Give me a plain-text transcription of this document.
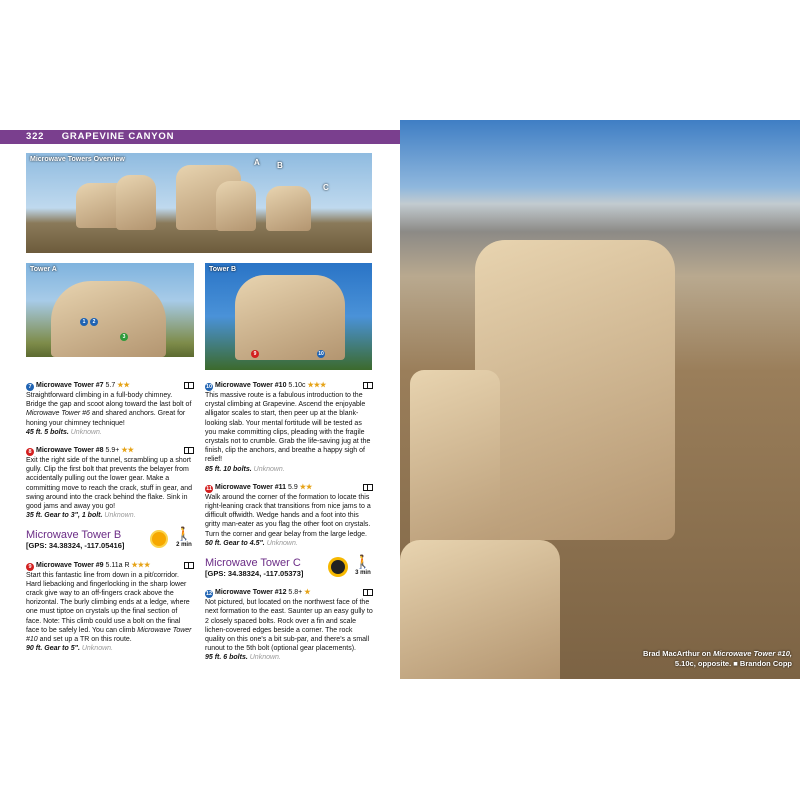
322 GRAPEVINE CANYON
Microwave Towers Overview	A B
C
Tower A
1	2
3
Tower B
9	10
Brad MacArthur on Microwave Tower #10,
5.10c, opposite. ■ Brandon Copp
7 Microwave Tower #7 5.7 ★★
Straightforward climbing in a full-body chimney. Bridge the gap and scoot along toward the last bolt of Microwave Tower #6 and shared anchors. Great for honing your chimney technique!
45 ft. 5 bolts. Unknown.
8 Microwave Tower #8 5.9+ ★★
Exit the right side of the tunnel, scrambling up a short gully. Clip the first bolt that prevents the belayer from accidentally pulling out the lower gear. Make a committing move to reach the crack, stuff in gear, and swing around into the crack behind the flake. Sink in good jams and away you go!
35 ft. Gear to 3", 1 bolt. Unknown.
Microwave Tower B
[GPS: 34.38324, -117.05416]
🚶
2 min
9 Microwave Tower #9 5.11a R ★★★
Start this fantastic line from down in a pit/corridor. Hard liebacking and fingerlocking in the sharp lower crack give way to an off-fingers crack above the horizontal. The burly climbing ends at a ledge, where one must tiptoe on crystals up the final section of face. Note: This climb could use a bolt on the final face to be safely led. You can climb Microwave Tower #10 and set up a TR on this route.
90 ft. Gear to 5". Unknown.
10 Microwave Tower #10 5.10c ★★★
This massive route is a fabulous introduction to the crystal climbing at Grapevine. Ascend the enjoyable alligator scales to start, then peer up at the blank-looking slab. Your mental fortitude will be tested as you make committing clips, pleading with the fragile crystals not to crumble. Grab the life-saving jug at the finish, clip the anchors, and breathe a happy sigh of relief!
85 ft. 10 bolts. Unknown.
11 Microwave Tower #11 5.9 ★★
Walk around the corner of the formation to locate this right-leaning crack that transitions from nice jams to a difficult offwidth. Wedge hands and a foot into this gritty man-eater as you flag the other foot on crystals. Turn the corner and gear belay from the large ledge.
50 ft. Gear to 4.5". Unknown.
Microwave Tower C
[GPS: 34.38324, -117.05373]
🚶
3 min
12 Microwave Tower #12 5.8+ ★
Not pictured, but located on the northwest face of the next formation to the east. Saunter up an easy gully to 2 closely spaced bolts. Rock over a fin and scale lichen-covered edges beside a corner. The rock quality on this one's a bit sub-par, and there's a small runout to the 5th bolt (optional gear placements).
95 ft. 6 bolts. Unknown.
